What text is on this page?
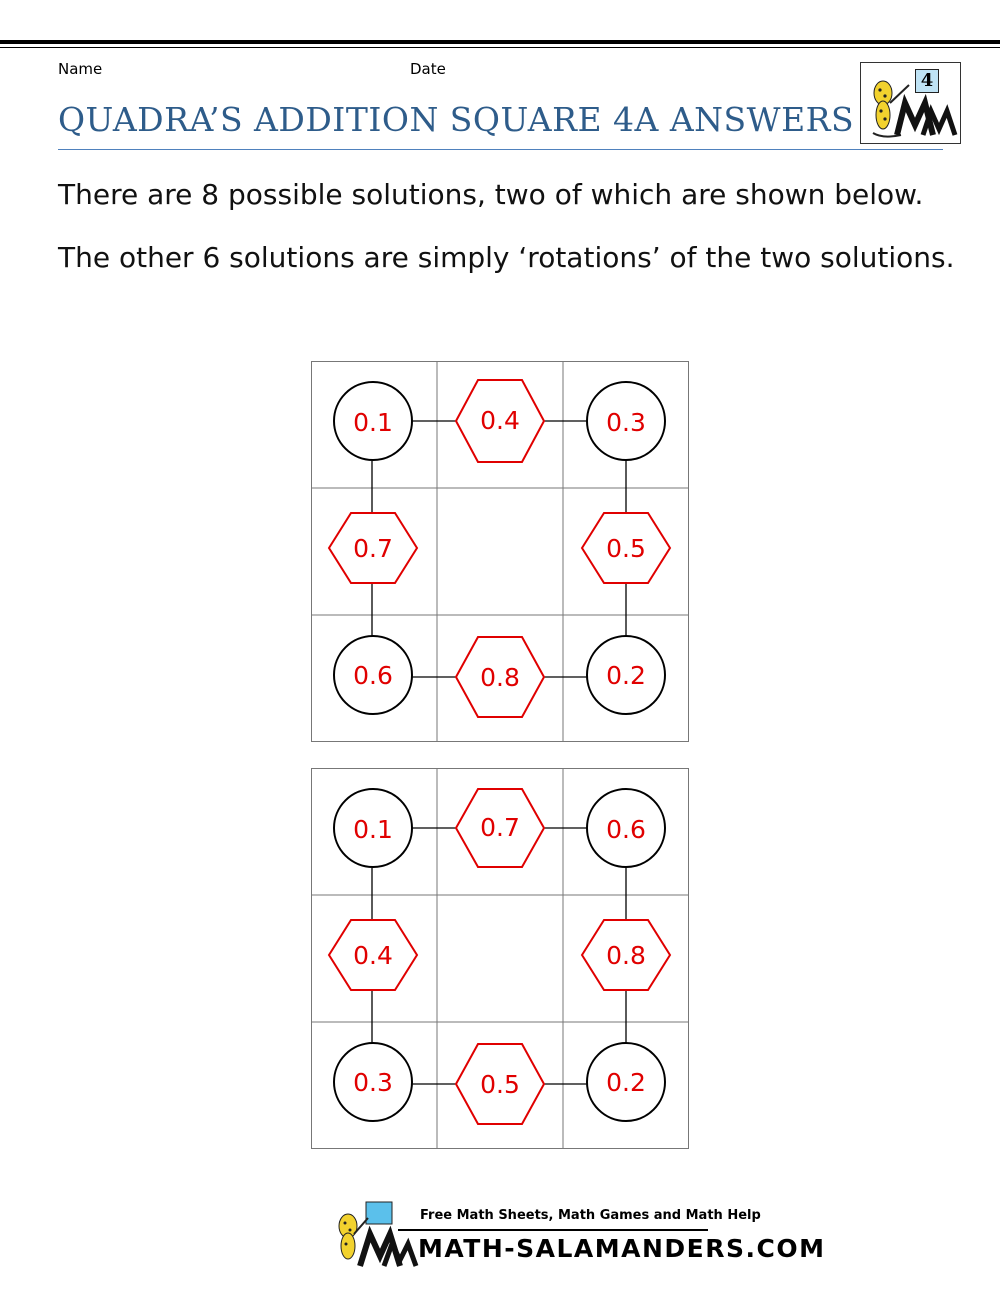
Name	Date
QUADRA’S ADDITION SQUARE 4A ANSWERS
4

There are 8 possible solutions, two of which are shown below.

The other 6 solutions are simply ‘rotations’ of the two solutions.

0.1	0.3
0.6	0.2
0.4
0.7	0.5
0.8
0.1	0.6
0.3	0.2
0.7
0.4	0.8
0.5
Free Math Sheets, Math Games and Math Help
MATH-SALAMANDERS.COM
